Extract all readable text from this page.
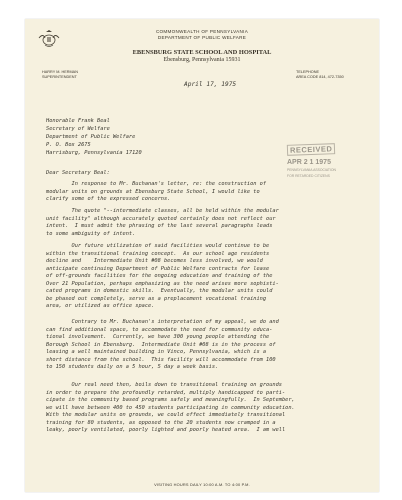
COMMONWEALTH OF PENNSYLVANIA
DEPARTMENT OF PUBLIC WELFARE
EBENSBURG STATE SCHOOL AND HOSPITAL
Ebensburg, Pennsylvania 15931
HARRY M. HERMAN
SUPERINTENDENT
TELEPHONE
AREA CODE 814, 472-7350
April 17, 1975
RECEIVED
APR 2 1 1975
PENNSYLVANIA ASSOCIATION
FOR RETARDED CITIZENS
Honorable Frank Beal
Secretary of Welfare
Department of Public Welfare
P. O. Box 2675
Harrisburg, Pennsylvania 17120
Dear Secretary Beal:
In response to Mr. Buchanan's letter, re: the construction of
modular units on grounds at Ebensburg State School, I would like to
clarify some of the expressed concerns.
The quote "--intermediate classes, all be held within the modular
unit facility" although accurately quoted certainly does not reflect our
intent.  I must admit the phrasing of the last several paragraphs leads
to some ambiguity of intent.
Our future utilization of said facilities would continue to be
within the transitional training concept.  As our school age residents
decline and    Intermediate Unit #08 becomes less involved, we would
anticipate continuing Department of Public Welfare contracts for lease
of off-grounds facilities for the ongoing education and training of the
Over 21 Population, perhaps emphasizing as the need arises more sophisti-
cated programs in domestic skills.  Eventually, the modular units could
be phased out completely, serve as a preplacement vocational training
area, or utilized as office space.
Contrary to Mr. Buchanan's interpretation of my appeal, we do and
can find additional space, to accommodate the need for community educa-
tional involvement.  Currently, we have 300 young people attending the
Borough School in Ebensburg.  Intermediate Unit #08 is in the process of
leasing a well maintained building in Vinco, Pennsylvania, which is a
short distance from the school.  This facility will accommodate from 100
to 150 students daily on a 5 hour, 5 day a week basis.
Our real need then, boils down to transitional training on grounds
in order to prepare the profoundly retarded, multiply handicapped to parti-
cipate in the community based programs safely and meaningfully.  In September,
we will have between 400 to 450 students participating in community education.
With the modular units on grounds, we could effect immediately transitional
training for 80 students, as opposed to the 20 students now cramped in a
leaky, poorly ventilated, poorly lighted and poorly heated area.  I am well
VISITING HOURS DAILY 10:00 A.M. TO 4:00 P.M.
